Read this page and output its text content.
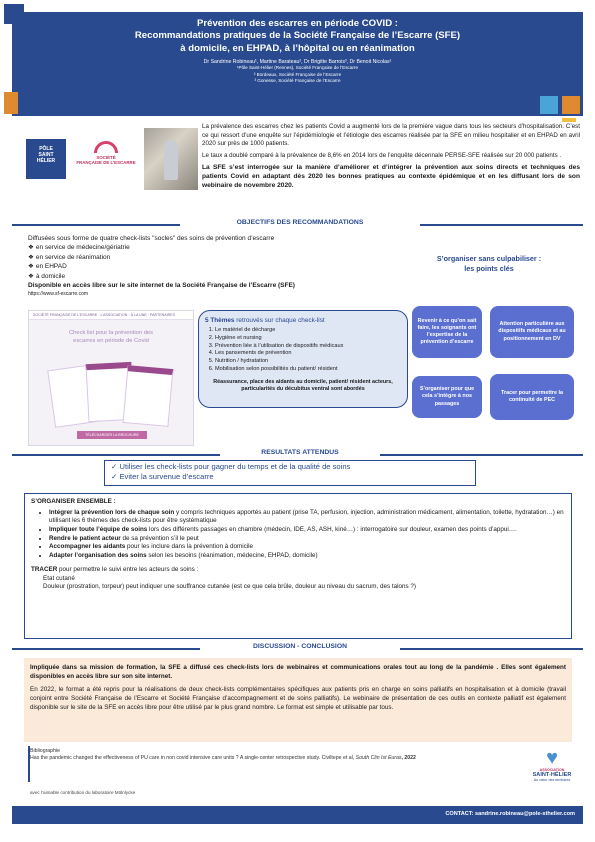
Prévention des escarres en période COVID :
Recommandations pratiques de la Société Française de l’Escarre (SFE)
à domicile, en EHPAD, à l’hôpital ou en réanimation
Dr Sandrine Robineau¹, Martine Barateau², Dr Brigitte Barrois³, Dr Benoit Nicolas¹
¹Pôle Saint-Hélier (Rennes), Société Française de l’Escarre
² Bordeaux, Société Française de l’Escarre
³ Gonesse, Société Française de l’Escarre
PÔLE
SAINT
HÉLIER	SOCIÉTÉ
FRANÇAISE DE L’ESCARRE

La prévalence des escarres chez les patients Covid a augmenté lors de la première vague dans tous les secteurs d’hospitalisation. C’est ce qui ressort d’une enquête sur l’épidémiologie et l’étiologie des escarres réalisée par la SFE en milieu hospitalier et en EHPAD en avril 2020 sur près de 1000 patients.

Le taux a doublé comparé à la prévalence de 8,6% en 2014 lors de l’enquête décennale PERSE-SFE réalisée sur 20 000 patients .

La SFE s’est interrogée sur la manière d’améliorer et d’intégrer la prévention aux soins directs et techniques des patients Covid en adaptant dès 2020 les bonnes pratiques au contexte épidémique et en les diffusant lors de son webinaire de novembre 2020.

OBJECTIFS DES RECOMMANDATIONS
Diffusées sous forme de quatre check-lists "socles" des soins de prévention d’escarre
❖ en service de médecine/gériatrie
❖ en service de réanimation
❖ en EHPAD
❖ à domicile
Disponible en accès libre sur le site internet de la Société Française de l’Escarre (SFE)
https://www.sf-escarre.com
SOCIÉTÉ FRANÇAISE DE L’ESCARRE · L’ASSOCIATION · À LA UNE · PARTENAIRES
Check list pour la prévention des
escarres en période de Covid
TÉLÉCHARGER LA BROCHURE
5 Thèmes retrouvés sur chaque check-list
1. Le matériel de décharge
2. Hygiène et nursing
3. Prévention liée à l’utilisation de dispositifs médicaux
4. Les pansements de prévention
5. Nutrition / hydratation
6. Mobilisation selon possibilités du patient/ résident
Réassurance, place des aidants au domicile, patient/ résident acteurs, particularités du décubitus ventral sont abordés
S’organiser sans culpabiliser :
les points clés
Revenir à ce qu’on sait faire, les soignants ont l’expertise de la prévention d’escarre
Attention particulière aux dispositifs médicaux et au positionnement en DV
S’organiser pour que cela s’intègre à nos passages
Tracer pour permettre la continuité de PEC
RESULTATS ATTENDUS
✓ Utiliser les check-lists pour gagner du temps et de la qualité de soins
✓ Eviter la survenue d’escarre
S’ORGANISER ENSEMBLE :
• Intégrer la prévention lors de chaque soin y compris techniques apportés au patient (prise TA, perfusion, injection, administration médicament, alimentation, toilette, hydratation…) en utilisant les 6 thèmes des check-lists pour être systématique
• Impliquer toute l’équipe de soins lors des différents passages en chambre (médecin, IDE, AS, ASH, kiné…) : interrogatoire sur douleur, examen des points d’appui….
• Rendre le patient acteur de sa prévention s’il le peut
• Accompagner les aidants pour les inclure dans la prévention à domicile
• Adapter l’organisation des soins selon les besoins (réanimation, médecine, EHPAD, domicile)
TRACER pour permettre le suivi entre les acteurs de soins :
Etat cutané
Douleur (prostration, torpeur) peut indiquer une souffrance cutanée (est ce que cela brûle, douleur au niveau du sacrum, des talons ?)
DISCUSSION - CONCLUSION
Impliquée dans sa mission de formation, la SFE a diffusé ces check-lists lors de webinaires et communications orales tout au long de la pandémie . Elles sont également disponibles en accès libre sur son site internet.
En 2022, le format a été repris pour la réalisations de deux check-lists complémentaires spécifiques aux patients pris en charge en soins palliatifs en hospitalisation et à domicile (travail conjoint entre Société Française de l’Escarre et Société Française d’accompagnement et de soins palliatifs). Le webinaire de présentation de ces outils en contexte palliatif est également disponible sur le site de la SFE en accès libre pour être utilisé par le plus grand nombre. Le format est simple et utilisable par tous.
Bibliographie
Has the pandemic changed the effectiveness of PU care in non covid intensive care units ? A single-center retrospective study. Civiltepe et al, South Clin Ist Euras, 2022
avec l’aimable contribution du laboratoire Mölnlycke
♥
ASSOCIATION
SAINT-HÉLIER
Au cœur des territoires
CONTACT: sandrine.robineau@pole-sthelier.com
